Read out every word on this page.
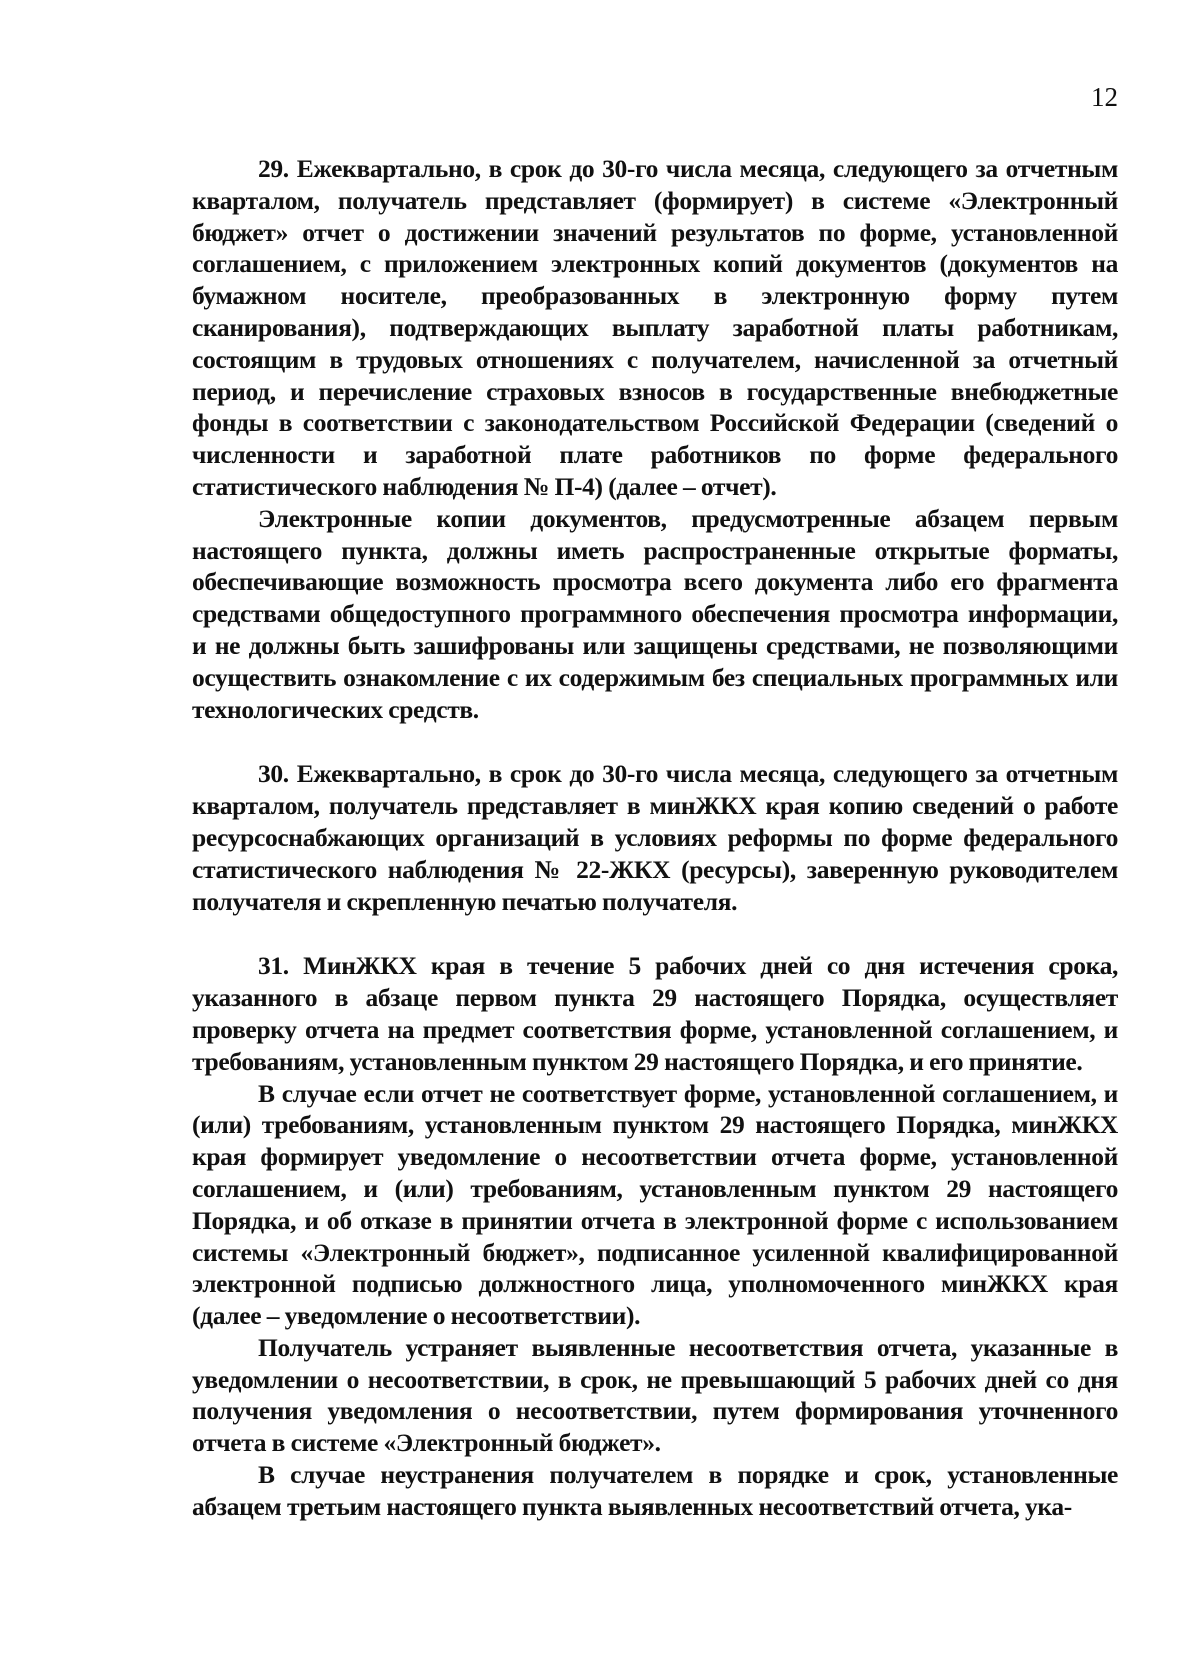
12

29. Ежеквартально, в срок до 30-го числа месяца, следующего за отчетным кварталом, получатель представляет (формирует) в системе «Электронный бюджет» отчет о достижении значений результатов по форме, установленной соглашением, с приложением электронных копий документов (документов на бумажном носителе, преобразованных в электронную форму путем сканирования), подтверждающих выплату заработной платы работникам, состоящим в трудовых отношениях с получателем, начисленной за отчетный период, и перечисление страховых взносов в государственные внебюджетные фонды в соответствии с законодательством Российской Федерации (сведений о численности и заработной плате работников по форме федерального статистического наблюдения № П-4) (далее – отчет).

Электронные копии документов, предусмотренные абзацем первым настоящего пункта, должны иметь распространенные открытые форматы, обеспечивающие возможность просмотра всего документа либо его фрагмента средствами общедоступного программного обеспечения просмотра информации, и не должны быть зашифрованы или защищены средствами, не позволяющими осуществить ознакомление с их содержимым без специальных программных или технологических средств.

30. Ежеквартально, в срок до 30-го числа месяца, следующего за отчетным кварталом, получатель представляет в минЖКХ края копию сведений о работе ресурсоснабжающих организаций в условиях реформы по форме федерального статистического наблюдения № 22-ЖКХ (ресурсы), заверенную руководителем получателя и скрепленную печатью получателя.

31. МинЖКХ края в течение 5 рабочих дней со дня истечения срока, указанного в абзаце первом пункта 29 настоящего Порядка, осуществляет проверку отчета на предмет соответствия форме, установленной соглашением, и требованиям, установленным пунктом 29 настоящего Порядка, и его принятие.

В случае если отчет не соответствует форме, установленной соглашением, и (или) требованиям, установленным пунктом 29 настоящего Порядка, минЖКХ края формирует уведомление о несоответствии отчета форме, установленной соглашением, и (или) требованиям, установленным пунктом 29 настоящего Порядка, и об отказе в принятии отчета в электронной форме с использованием системы «Электронный бюджет», подписанное усиленной квалифицированной электронной подписью должностного лица, уполномоченного минЖКХ края (далее – уведомление о несоответствии).

Получатель устраняет выявленные несоответствия отчета, указанные в уведомлении о несоответствии, в срок, не превышающий 5 рабочих дней со дня получения уведомления о несоответствии, путем формирования уточненного отчета в системе «Электронный бюджет».

В случае неустранения получателем в порядке и срок, установленные абзацем третьим настоящего пункта выявленных несоответствий отчета, ука-
